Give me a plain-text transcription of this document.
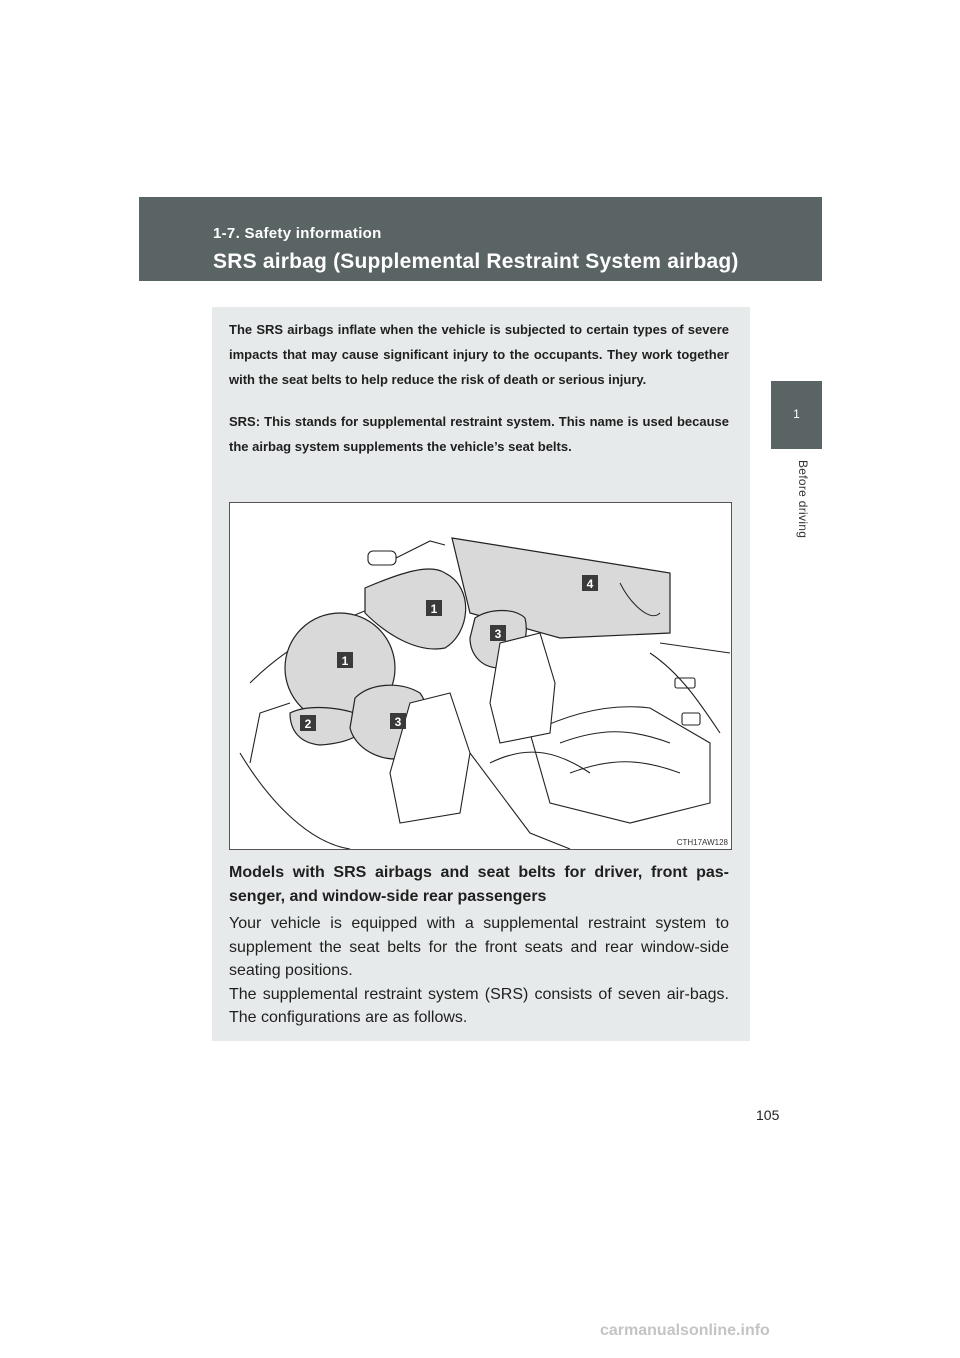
1-7. Safety information
SRS airbag (Supplemental Restraint System airbag)
1
Before driving

The SRS airbags inflate when the vehicle is subjected to certain types of severe impacts that may cause significant injury to the occupants. They work together with the seat belts to help reduce the risk of death or serious injury.

SRS: This stands for supplemental restraint system. This name is used because the airbag system supplements the vehicle’s seat belts.

1
1
2	3
3
4
CTH17AW128

Models with SRS airbags and seat belts for driver, front pas-senger, and window-side rear passengers

Your vehicle is equipped with a supplemental restraint system to supplement the seat belts for the front seats and rear window-side seating positions.
The supplemental restraint system (SRS) consists of seven air-bags. The configurations are as follows.
105
carmanualsonline.info
